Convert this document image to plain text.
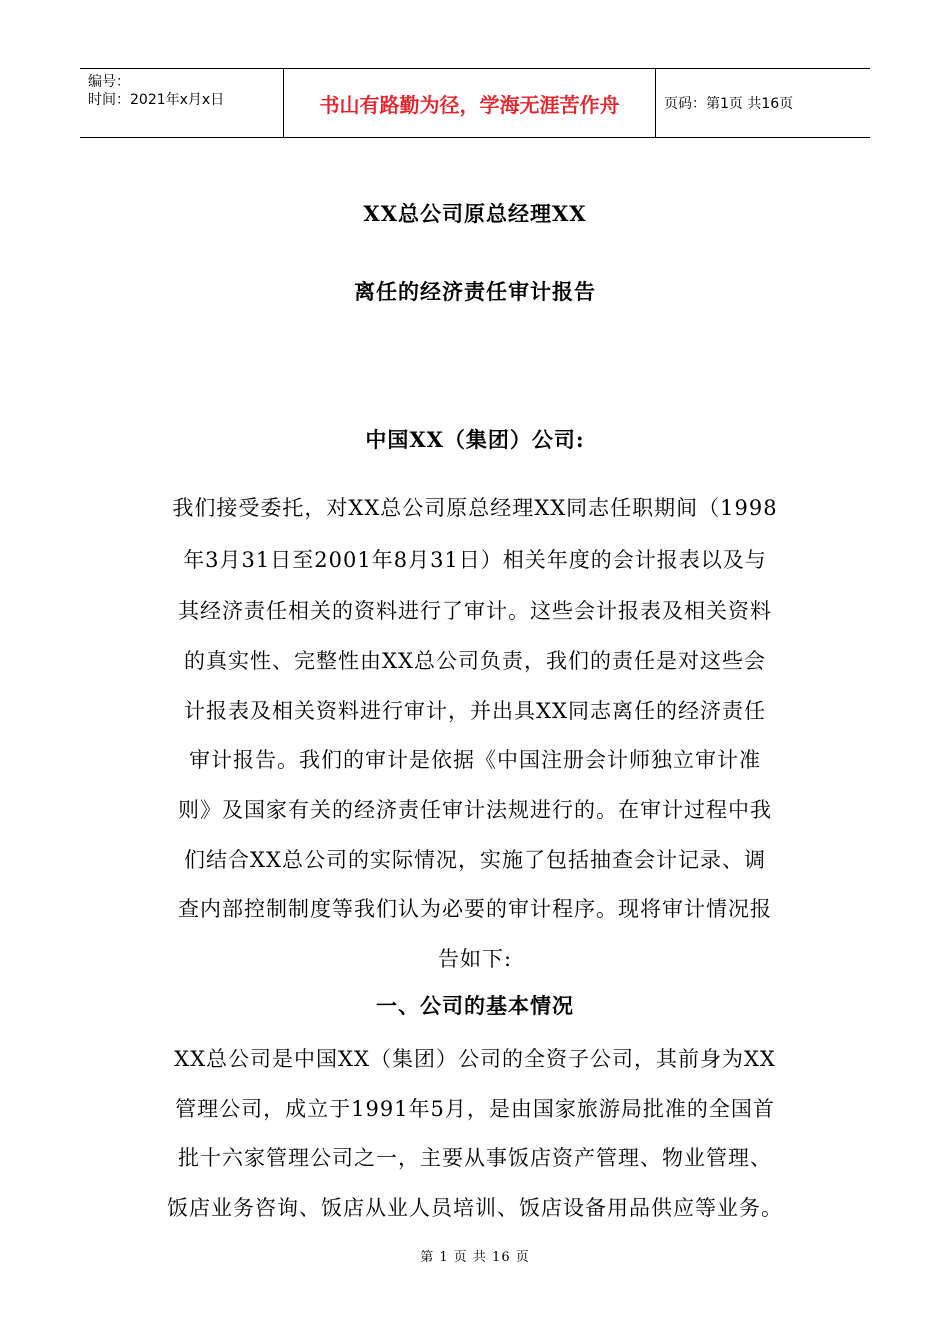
编号：
时间：2021年x月x日	书山有路勤为径，学海无涯苦作舟	页码：第1页 共16页
XX总公司原总经理XX
离任的经济责任审计报告
中国XX（集团）公司:
我们接受委托，对XX总公司原总经理XX同志任职期间（1998
年3月31日至2001年8月31日）相关年度的会计报表以及与
其经济责任相关的资料进行了审计。这些会计报表及相关资料
的真实性、完整性由XX总公司负责，我们的责任是对这些会
计报表及相关资料进行审计，并出具XX同志离任的经济责任
审计报告。我们的审计是依据《中国注册会计师独立审计准
则》及国家有关的经济责任审计法规进行的。在审计过程中我
们结合XX总公司的实际情况，实施了包括抽查会计记录、调
查内部控制制度等我们认为必要的审计程序。现将审计情况报
告如下:
一、公司的基本情况
XX总公司是中国XX（集团）公司的全资子公司，其前身为XX
管理公司，成立于1991年5月，是由国家旅游局批准的全国首
批十六家管理公司之一，主要从事饭店资产管理、物业管理、
饭店业务咨询、饭店从业人员培训、饭店设备用品供应等业务。
第 1 页 共 16 页
